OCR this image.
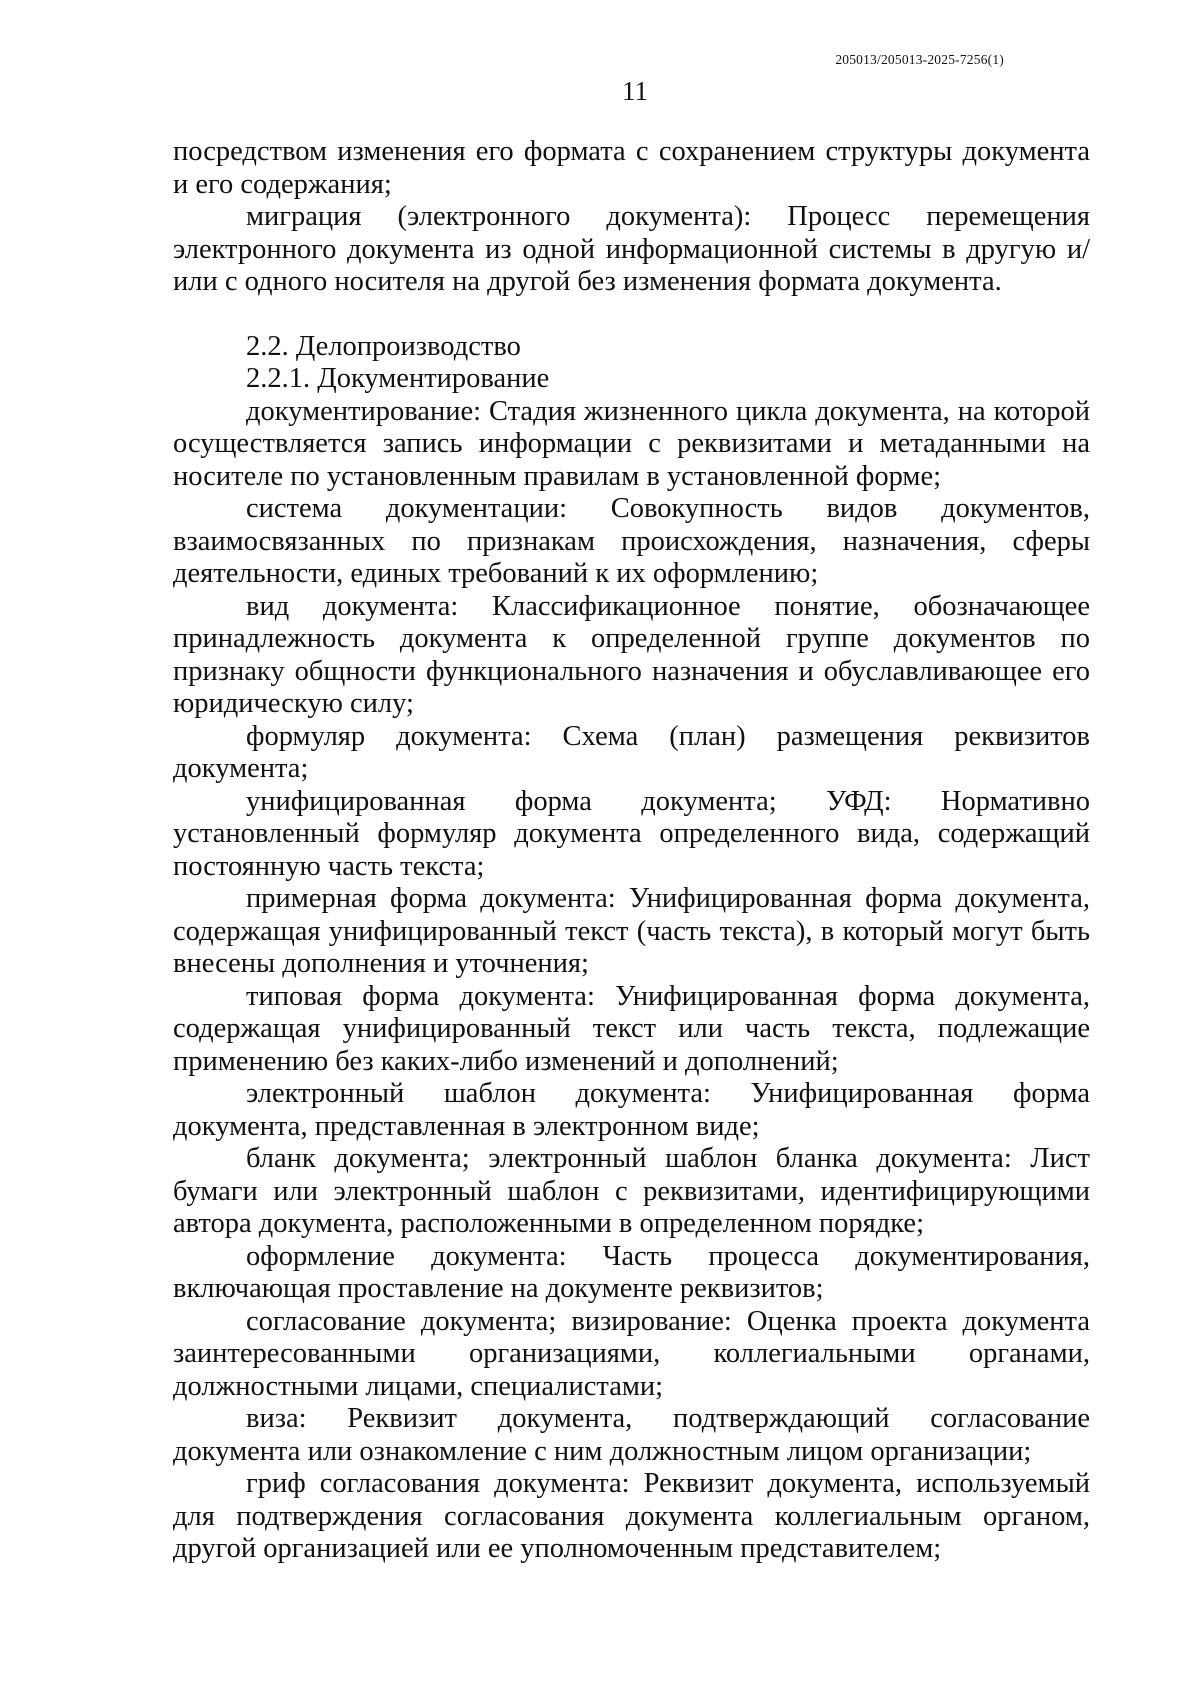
205013/205013-2025-7256(1)
11

посредством изменения его формата с сохранением структуры документа и его содержания;

миграция (электронного документа): Процесс перемещения электронного документа из одной информационной системы в другую и/или с одного носителя на другой без изменения формата документа.

2.2. Делопроизводство

2.2.1. Документирование

документирование: Стадия жизненного цикла документа, на которой осуществляется запись информации с реквизитами и метаданными на носителе по установленным правилам в установленной форме;

система документации: Совокупность видов документов, взаимосвязанных по признакам происхождения, назначения, сферы деятельности, единых требований к их оформлению;

вид документа: Классификационное понятие, обозначающее принадлежность документа к определенной группе документов по признаку общности функционального назначения и обуславливающее его юридическую силу;

формуляр документа: Схема (план) размещения реквизитов документа;

унифицированная форма документа; УФД: Нормативно установленный формуляр документа определенного вида, содержащий постоянную часть текста;

примерная форма документа: Унифицированная форма документа, содержащая унифицированный текст (часть текста), в который могут быть внесены дополнения и уточнения;

типовая форма документа: Унифицированная форма документа, содержащая унифицированный текст или часть текста, подлежащие применению без каких-либо изменений и дополнений;

электронный шаблон документа: Унифицированная форма документа, представленная в электронном виде;

бланк документа; электронный шаблон бланка документа: Лист бумаги или электронный шаблон с реквизитами, идентифицирующими автора документа, расположенными в определенном порядке;

оформление документа: Часть процесса документирования, включающая проставление на документе реквизитов;

согласование документа; визирование: Оценка проекта документа заинтересованными организациями, коллегиальными органами, должностными лицами, специалистами;

виза: Реквизит документа, подтверждающий согласование документа или ознакомление с ним должностным лицом организации;

гриф согласования документа: Реквизит документа, используемый для подтверждения согласования документа коллегиальным органом, другой организацией или ее уполномоченным представителем;
